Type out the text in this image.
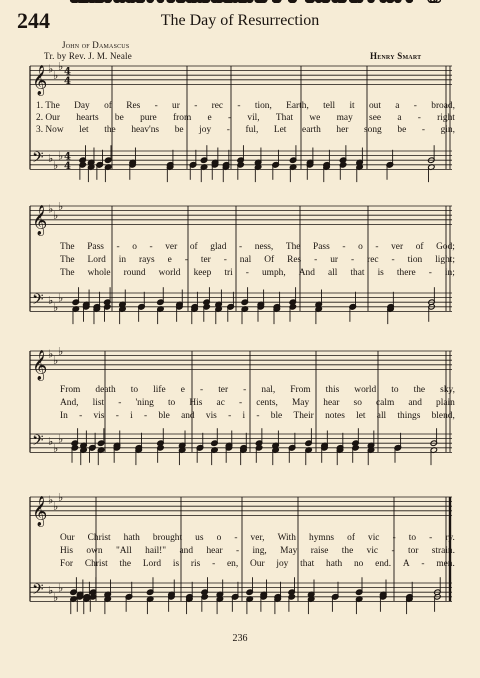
244	The Day of Resurrection
John of Damascus
Tr. by Rev. J. M. Neale	Henry Smart
𝄞
𝄢
♭
♭
♭
♭
♭
♭
4
4
4
4
𝄞
𝄢
♭
♭
♭
♭
♭
♭
𝄞
𝄢
♭
♭
♭
♭
♭
♭
𝄞
𝄢
♭
♭
♭
♭
♭
♭
1. The Day of Res - ur - rec - tion, Earth, tell it out a - broad,
2. Our hearts be pure from e - vil, That we may see a - right
3. Now let the heav'ns be joy - ful, Let earth her song be - gin,
The Pass - o - ver of glad - ness, The Pass - o - ver of God;
The Lord in rays e - ter - nal Of Res - ur - rec - tion light;
The whole round world keep tri - umph, And all that is there - in;
From death to life e - ter - nal, From this world to the sky,
And, list - 'ning to His ac - cents, May hear so calm and plain
In - vis - i - ble and vis - i - ble Their notes let all things blend,
Our Christ hath brought us o - ver, With hymns of vic - to - ry.
His own "All hail!" and hear - ing, May raise the vic - tor strain.
For Christ the Lord is ris - en, Our joy that hath no end. A - men.
236
